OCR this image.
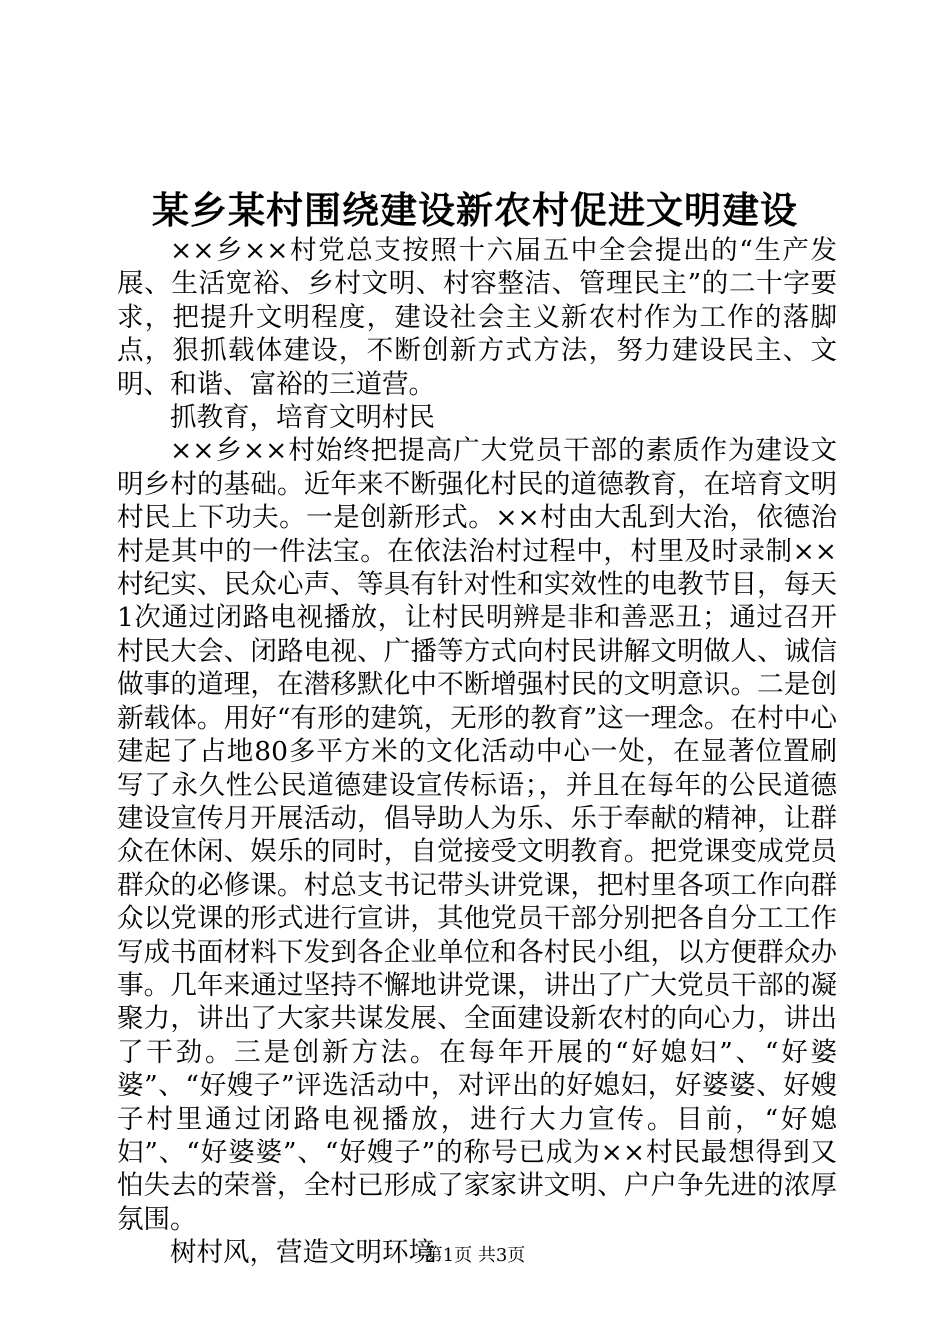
某乡某村围绕建设新农村促进文明建设

××乡××村党总支按照十六届五中全会提出的“生产发展、生活宽裕、乡村文明、村容整洁、管理民主”的二十字要求，把提升文明程度，建设社会主义新农村作为工作的落脚点，狠抓载体建设，不断创新方式方法，努力建设民主、文明、和谐、富裕的三道营。

抓教育，培育文明村民

××乡××村始终把提高广大党员干部的素质作为建设文明乡村的基础。近年来不断强化村民的道德教育，在培育文明村民上下功夫。一是创新形式。××村由大乱到大治，依德治村是其中的一件法宝。在依法治村过程中，村里及时录制××村纪实、民众心声、等具有针对性和实效性的电教节目，每天1次通过闭路电视播放，让村民明辨是非和善恶丑；通过召开村民大会、闭路电视、广播等方式向村民讲解文明做人、诚信做事的道理，在潜移默化中不断增强村民的文明意识。二是创新载体。用好“有形的建筑，无形的教育”这一理念。在村中心建起了占地80多平方米的文化活动中心一处，在显著位置刷写了永久性公民道德建设宣传标语；，并且在每年的公民道德建设宣传月开展活动，倡导助人为乐、乐于奉献的精神，让群众在休闲、娱乐的同时，自觉接受文明教育。把党课变成党员群众的必修课。村总支书记带头讲党课，把村里各项工作向群众以党课的形式进行宣讲，其他党员干部分别把各自分工工作写成书面材料下发到各企业单位和各村民小组，以方便群众办事。几年来通过坚持不懈地讲党课，讲出了广大党员干部的凝聚力，讲出了大家共谋发展、全面建设新农村的向心力，讲出了干劲。三是创新方法。在每年开展的“好媳妇”、“好婆婆”、“好嫂子”评选活动中，对评出的好媳妇，好婆婆、好嫂子村里通过闭路电视播放，进行大力宣传。目前，“好媳妇”、“好婆婆”、“好嫂子”的称号已成为××村民最想得到又怕失去的荣誉，全村已形成了家家讲文明、户户争先进的浓厚氛围。

树村风，营造文明环境

第1页 共3页
